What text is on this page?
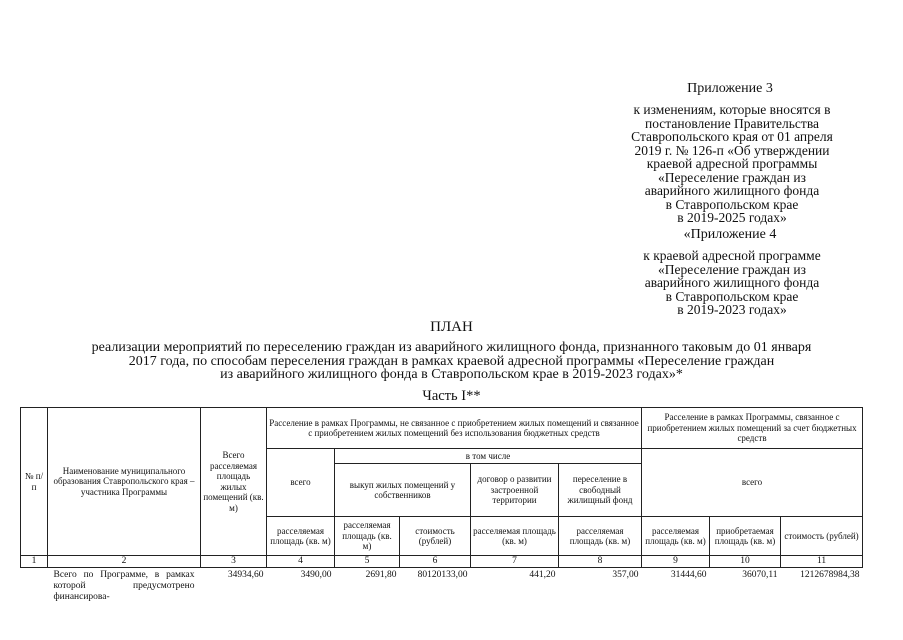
Приложение 3
к изменениям, которые вносятся в
постановление Правительства
Ставропольского края от 01 апреля
2019 г. № 126-п «Об утверждении
краевой адресной программы
«Переселение граждан из
аварийного жилищного фонда
в Ставропольском крае
в 2019-2025 годах»
«Приложение 4
к краевой адресной программе
«Переселение граждан из
аварийного жилищного фонда
в Ставропольском крае
в 2019-2023 годах»
ПЛАН
реализации мероприятий по переселению граждан из аварийного жилищного фонда, признанного таковым до 01 января
2017 года, по способам переселения граждан в рамках краевой адресной программы «Переселение граждан
из аварийного жилищного фонда в Ставропольском крае в 2019-2023 годах»*
Часть I**
№ п/п	Наименование муниципального образования Ставропольского края – участника Программы	Всего расселяемая площадь жилых помещений (кв. м)	Расселение в рамках Программы, не связанное с приобретением жилых помещений и связанное с приобретением жилых помещений без использования бюджетных средств					Расселение в рамках Программы, связанное с приобретением жилых помещений за счет бюджетных средств		
			всего	в том числе				всего		
				выкуп жилых помещений у собственников		договор о развитии застроенной территории	переселение в свободный жилищный фонд			
			расселяемая площадь (кв. м)	расселяемая площадь (кв. м)	стоимость (рублей)	расселяемая площадь (кв. м)	расселяемая площадь (кв. м)	расселяемая площадь (кв. м)	приобретаемая площадь (кв. м)	стоимость (рублей)
1	2	3	4	5	6	7	8	9	10	11
	Всего по Программе, в рамках которой предусмотрено финансирова-	34934,60	3490,00	2691,80	80120133,00	441,20	357,00	31444,60	36070,11	1212678984,38
